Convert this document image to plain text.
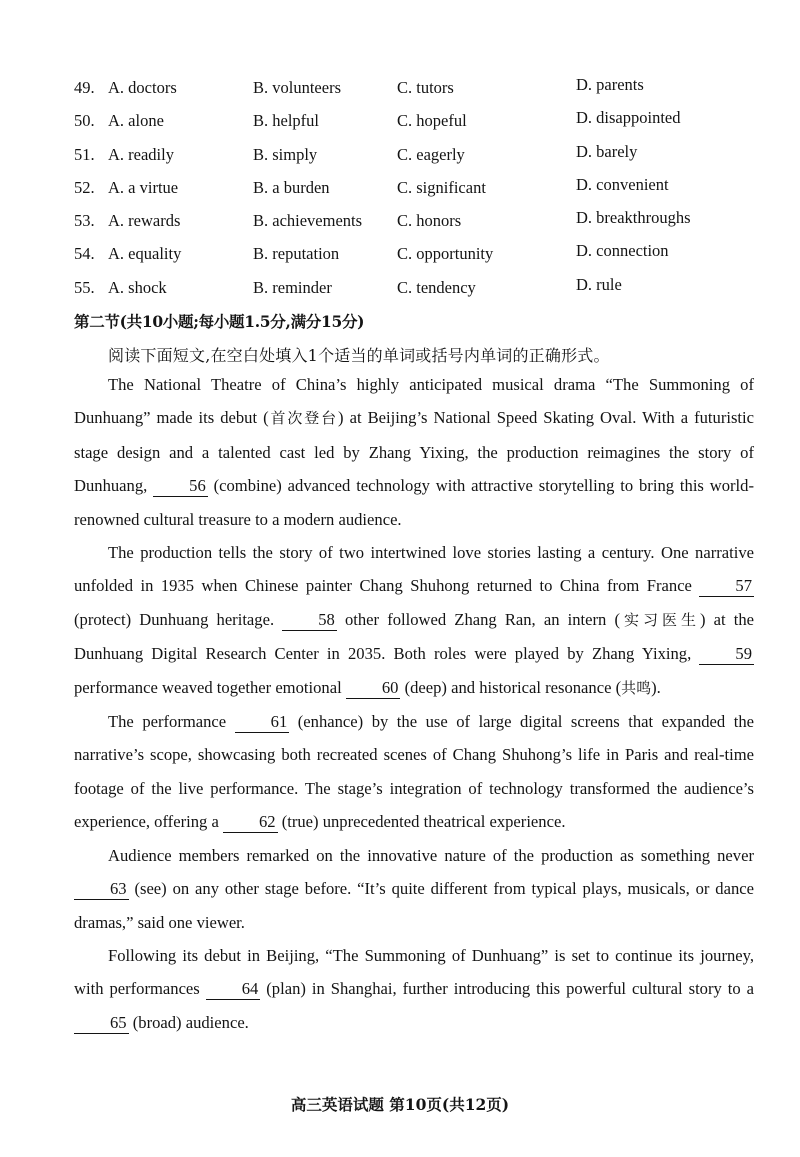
49. A. doctors	B. volunteers	C. tutors	D. parents
50. A. alone	B. helpful	C. hopeful	D. disappointed
51. A. readily	B. simply	C. eagerly	D. barely
52. A. a virtue	B. a burden	C. significant	D. convenient
53. A. rewards	B. achievements C. honors	D. breakthroughs
54. A. equality	B. reputation	C. opportunity	D. connection
55. A. shock	B. reminder	C. tendency	D. rule
第二节(共10小题;每小题1.5分,满分15分)
阅读下面短文,在空白处填入1个适当的单词或括号内单词的正确形式。

The National Theatre of China’s highly anticipated musical drama “The Summoning of Dunhuang” made its debut (首次登台) at Beijing’s National Speed Skating Oval. With a futuristic stage design and a talented cast led by Zhang Yixing, the production reimagines the story of Dunhuang, 56 (combine) advanced technology with attractive storytelling to bring this world-renowned cultural treasure to a modern audience.

The production tells the story of two intertwined love stories lasting a century. One narrative unfolded in 1935 when Chinese painter Chang Shuhong returned to China from France 57 (protect) Dunhuang heritage. 58 other followed Zhang Ran, an intern (实习医生) at the Dunhuang Digital Research Center in 2035. Both roles were played by Zhang Yixing, 59 performance weaved together emotional 60 (deep) and historical resonance (共鸣).

The performance 61 (enhance) by the use of large digital screens that expanded the narrative’s scope, showcasing both recreated scenes of Chang Shuhong’s life in Paris and real-time footage of the live performance. The stage’s integration of technology transformed the audience’s experience, offering a 62 (true) unprecedented theatrical experience.

Audience members remarked on the innovative nature of the production as something never 63 (see) on any other stage before. “It’s quite different from typical plays, musicals, or dance dramas,” said one viewer.

Following its debut in Beijing, “The Summoning of Dunhuang” is set to continue its journey, with performances 64 (plan) in Shanghai, further introducing this powerful cultural story to a 65 (broad) audience.

高三英语试题 第10页(共12页)
